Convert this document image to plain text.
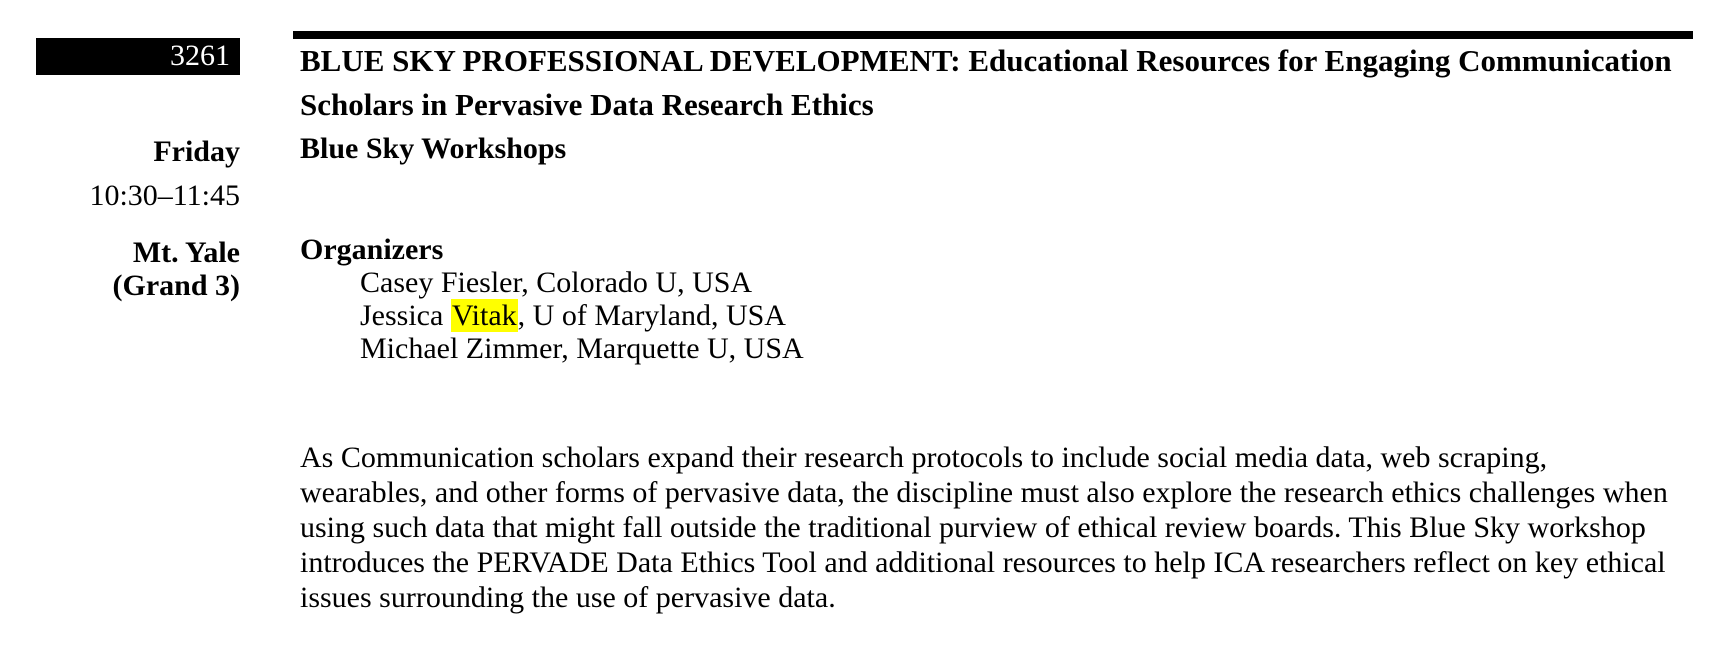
3261
Friday
10:30–11:45
Mt. Yale
(Grand 3)
BLUE SKY PROFESSIONAL DEVELOPMENT: Educational Resources for Engaging Communication Scholars in Pervasive Data Research Ethics
Blue Sky Workshops
Organizers
Casey Fiesler, Colorado U, USA
Jessica Vitak, U of Maryland, USA
Michael Zimmer, Marquette U, USA

As Communication scholars expand their research protocols to include social media data, web scraping, wearables, and other forms of pervasive data, the discipline must also explore the research ethics challenges when using such data that might fall outside the traditional purview of ethical review boards. This Blue Sky workshop introduces the PERVADE Data Ethics Tool and additional resources to help ICA researchers reflect on key ethical issues surrounding the use of pervasive data.
